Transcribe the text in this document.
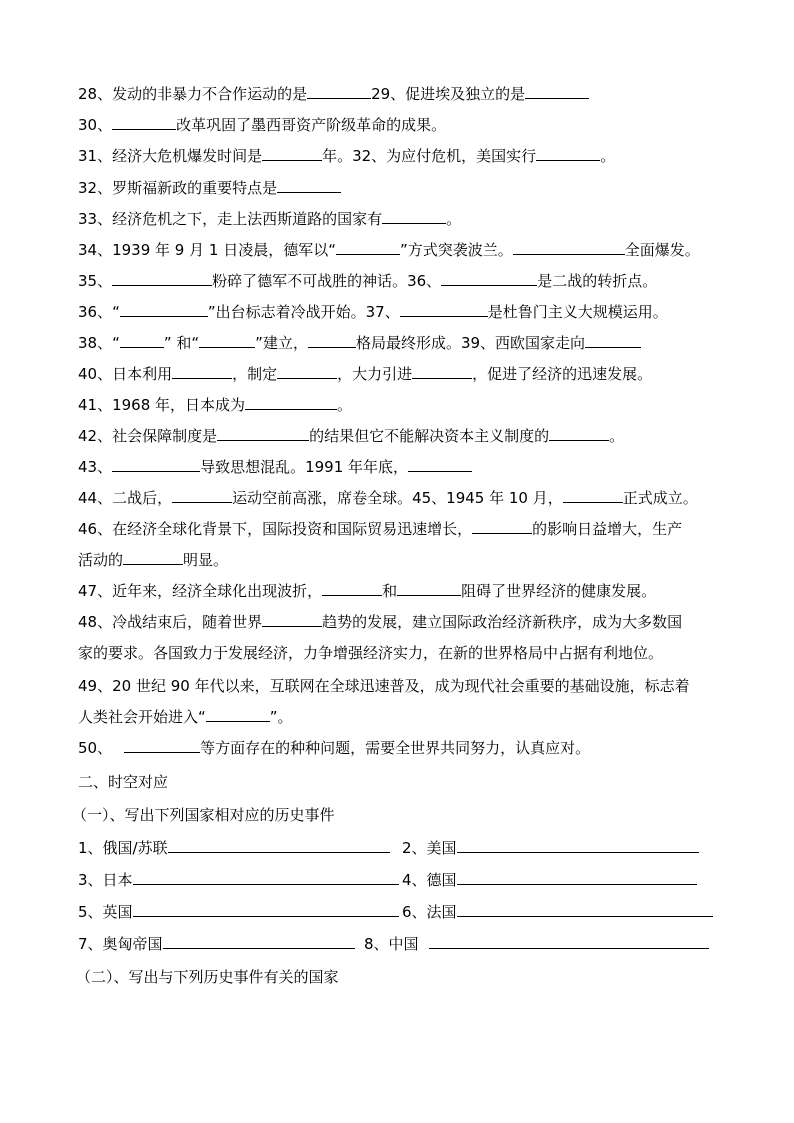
28、发动的非暴力不合作运动的是	29、促进埃及独立的是
30、	改革巩固了墨西哥资产阶级革命的成果。
31、经济大危机爆发时间是	年。32、为应付危机，美国实行	。
32、罗斯福新政的重要特点是
33、经济危机之下，走上法西斯道路的国家有	。
34、1939 年 9 月 1 日凌晨，德军以“	”方式突袭波兰。	全面爆发。
35、	粉碎了德军不可战胜的神话。36、	是二战的转折点。
36、“	”出台标志着冷战开始。37、	是杜鲁门主义大规模运用。
38、“	” 和“	”建立，	格局最终形成。39、西欧国家走向
40、日本利用	，制定	，大力引进	，促进了经济的迅速发展。
41、1968 年，日本成为	。
42、社会保障制度是	的结果但它不能解决资本主义制度的	。
43、	导致思想混乱。1991 年年底，
44、二战后，	运动空前高涨，席卷全球。45、1945 年 10 月，	正式成立。
46、在经济全球化背景下，国际投资和国际贸易迅速增长，	的影响日益增大，生产
活动的	明显。
47、近年来，经济全球化出现波折，	和	阻碍了世界经济的健康发展。
48、冷战结束后，随着世界	趋势的发展，建立国际政治经济新秩序，成为大多数国
家的要求。各国致力于发展经济，力争增强经济实力，在新的世界格局中占据有利地位。
49、20 世纪 90 年代以来，互联网在全球迅速普及，成为现代社会重要的基础设施，标志着
人类社会开始进入“	”。
50、	等方面存在的种种问题，需要全世界共同努力，认真应对。
二、时空对应
（一）、写出下列国家相对应的历史事件
1、俄国/苏联	2、美国
3、日本	4、德国
5、英国	6、法国
7、奥匈帝国	8、中国
（二）、写出与下列历史事件有关的国家
